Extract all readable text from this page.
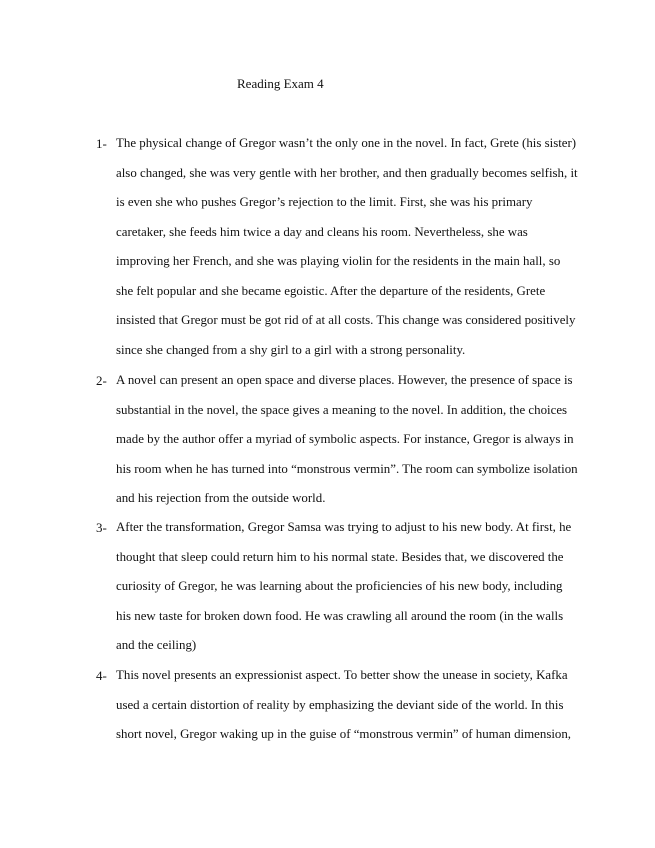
Reading Exam 4
1- The physical change of Gregor wasn’t the only one in the novel. In fact, Grete (his sister)
also changed, she was very gentle with her brother, and then gradually becomes selfish, it
is even she who pushes Gregor’s rejection to the limit. First, she was his primary
caretaker, she feeds him twice a day and cleans his room. Nevertheless, she was
improving her French, and she was playing violin for the residents in the main hall, so
she felt popular and she became egoistic. After the departure of the residents, Grete
insisted that Gregor must be got rid of at all costs. This change was considered positively
since she changed from a shy girl to a girl with a strong personality.
2- A novel can present an open space and diverse places. However, the presence of space is
substantial in the novel, the space gives a meaning to the novel. In addition, the choices
made by the author offer a myriad of symbolic aspects. For instance, Gregor is always in
his room when he has turned into “monstrous vermin”. The room can symbolize isolation
and his rejection from the outside world.
3- After the transformation, Gregor Samsa was trying to adjust to his new body. At first, he
thought that sleep could return him to his normal state. Besides that, we discovered the
curiosity of Gregor, he was learning about the proficiencies of his new body, including
his new taste for broken down food. He was crawling all around the room (in the walls
and the ceiling)
4- This novel presents an expressionist aspect. To better show the unease in society, Kafka
used a certain distortion of reality by emphasizing the deviant side of the world. In this
short novel, Gregor waking up in the guise of “monstrous vermin” of human dimension,
